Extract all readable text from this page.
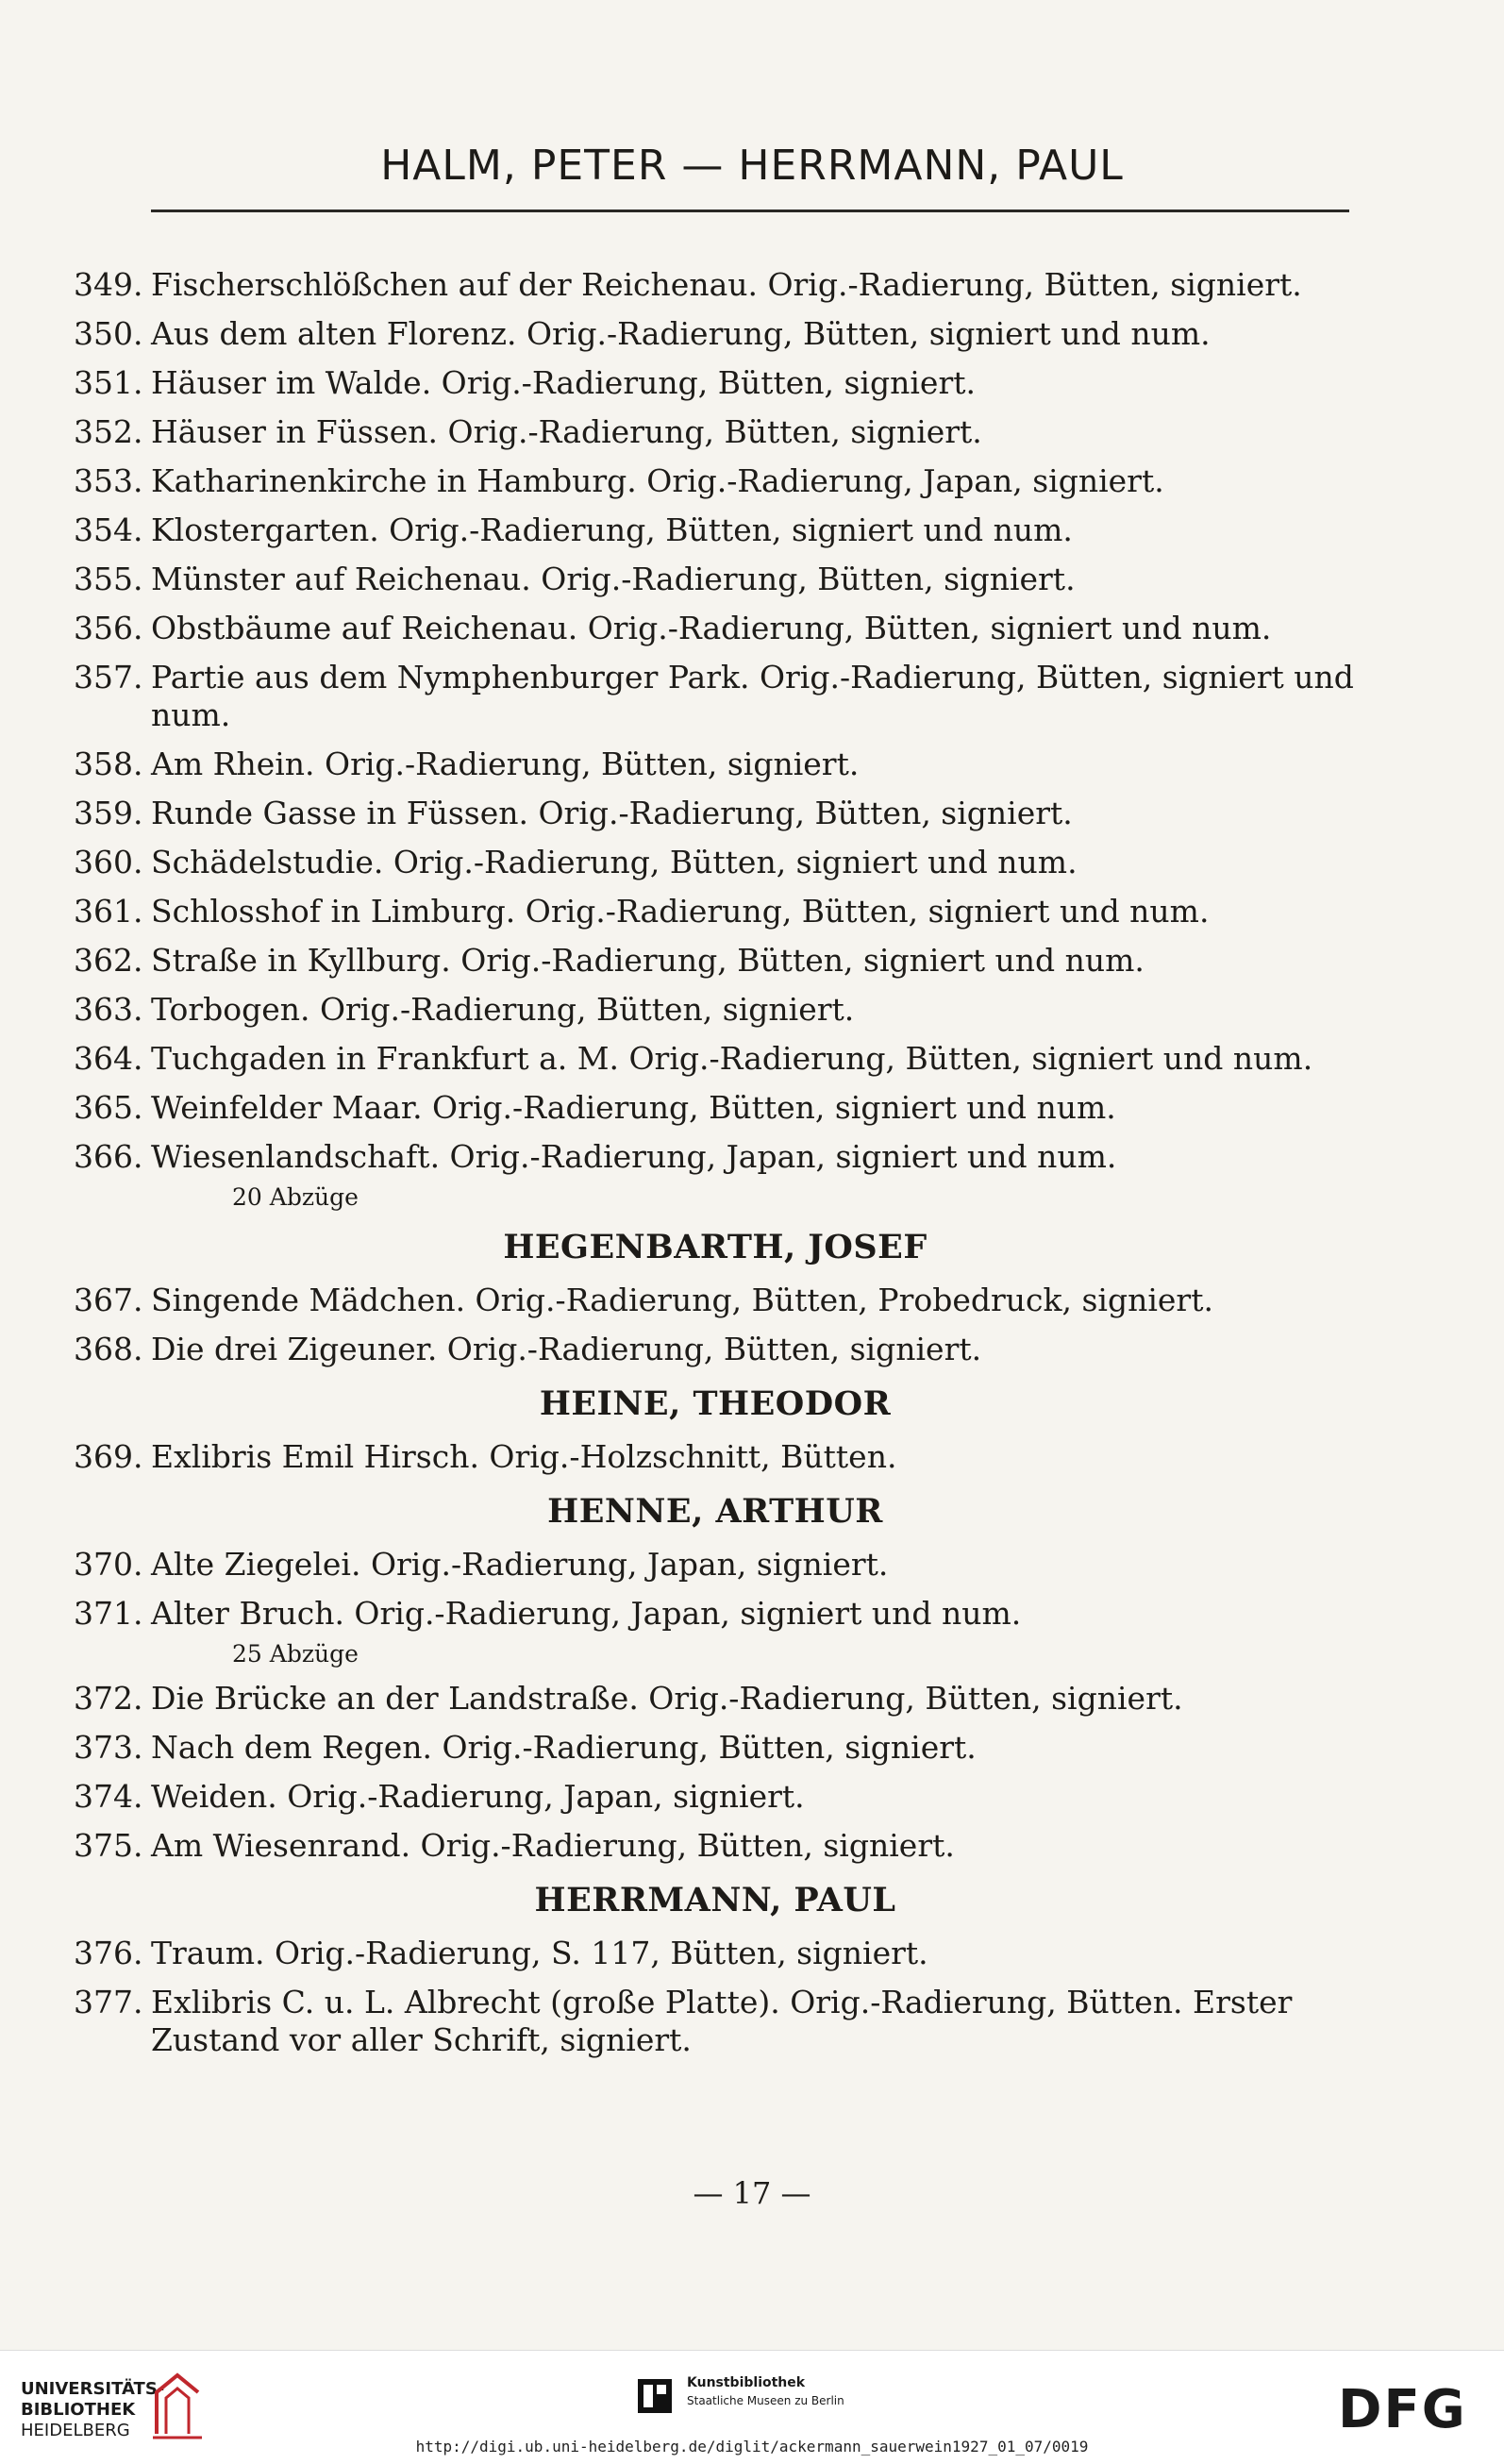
HALM, PETER — HERRMANN, PAUL
349. Fischerschlößchen auf der Reichenau. Orig.-Radierung, Bütten, signiert.
350. Aus dem alten Florenz. Orig.-Radierung, Bütten, signiert und num.
351. Häuser im Walde. Orig.-Radierung, Bütten, signiert.
352. Häuser in Füssen. Orig.-Radierung, Bütten, signiert.
353. Katharinenkirche in Hamburg. Orig.-Radierung, Japan, signiert.
354. Klostergarten. Orig.-Radierung, Bütten, signiert und num.
355. Münster auf Reichenau. Orig.-Radierung, Bütten, signiert.
356. Obstbäume auf Reichenau. Orig.-Radierung, Bütten, signiert und num.
357. Partie aus dem Nymphenburger Park. Orig.-Radierung, Bütten, signiert und num.
358. Am Rhein. Orig.-Radierung, Bütten, signiert.
359. Runde Gasse in Füssen. Orig.-Radierung, Bütten, signiert.
360. Schädelstudie. Orig.-Radierung, Bütten, signiert und num.
361. Schlosshof in Limburg. Orig.-Radierung, Bütten, signiert und num.
362. Straße in Kyllburg. Orig.-Radierung, Bütten, signiert und num.
363. Torbogen. Orig.-Radierung, Bütten, signiert.
364. Tuchgaden in Frankfurt a. M. Orig.-Radierung, Bütten, signiert und num.
365. Weinfelder Maar. Orig.-Radierung, Bütten, signiert und num.
366. Wiesenlandschaft. Orig.-Radierung, Japan, signiert und num.
20 Abzüge
HEGENBARTH, JOSEF
367. Singende Mädchen. Orig.-Radierung, Bütten, Probedruck, signiert.
368. Die drei Zigeuner. Orig.-Radierung, Bütten, signiert.
HEINE, THEODOR
369. Exlibris Emil Hirsch. Orig.-Holzschnitt, Bütten.
HENNE, ARTHUR
370. Alte Ziegelei. Orig.-Radierung, Japan, signiert.
371. Alter Bruch. Orig.-Radierung, Japan, signiert und num.
25 Abzüge
372. Die Brücke an der Landstraße. Orig.-Radierung, Bütten, signiert.
373. Nach dem Regen. Orig.-Radierung, Bütten, signiert.
374. Weiden. Orig.-Radierung, Japan, signiert.
375. Am Wiesenrand. Orig.-Radierung, Bütten, signiert.
HERRMANN, PAUL
376. Traum. Orig.-Radierung, S. 117, Bütten, signiert.
377. Exlibris C. u. L. Albrecht (große Platte). Orig.-Radierung, Bütten. Erster Zustand vor aller Schrift, signiert.
— 17 —
UNIVERSITÄTS-
BIBLIOTHEK
HEIDELBERG
Kunstbibliothek
Staatliche Museen zu Berlin	DFG
http://digi.ub.uni-heidelberg.de/diglit/ackermann_sauerwein1927_01_07/0019
